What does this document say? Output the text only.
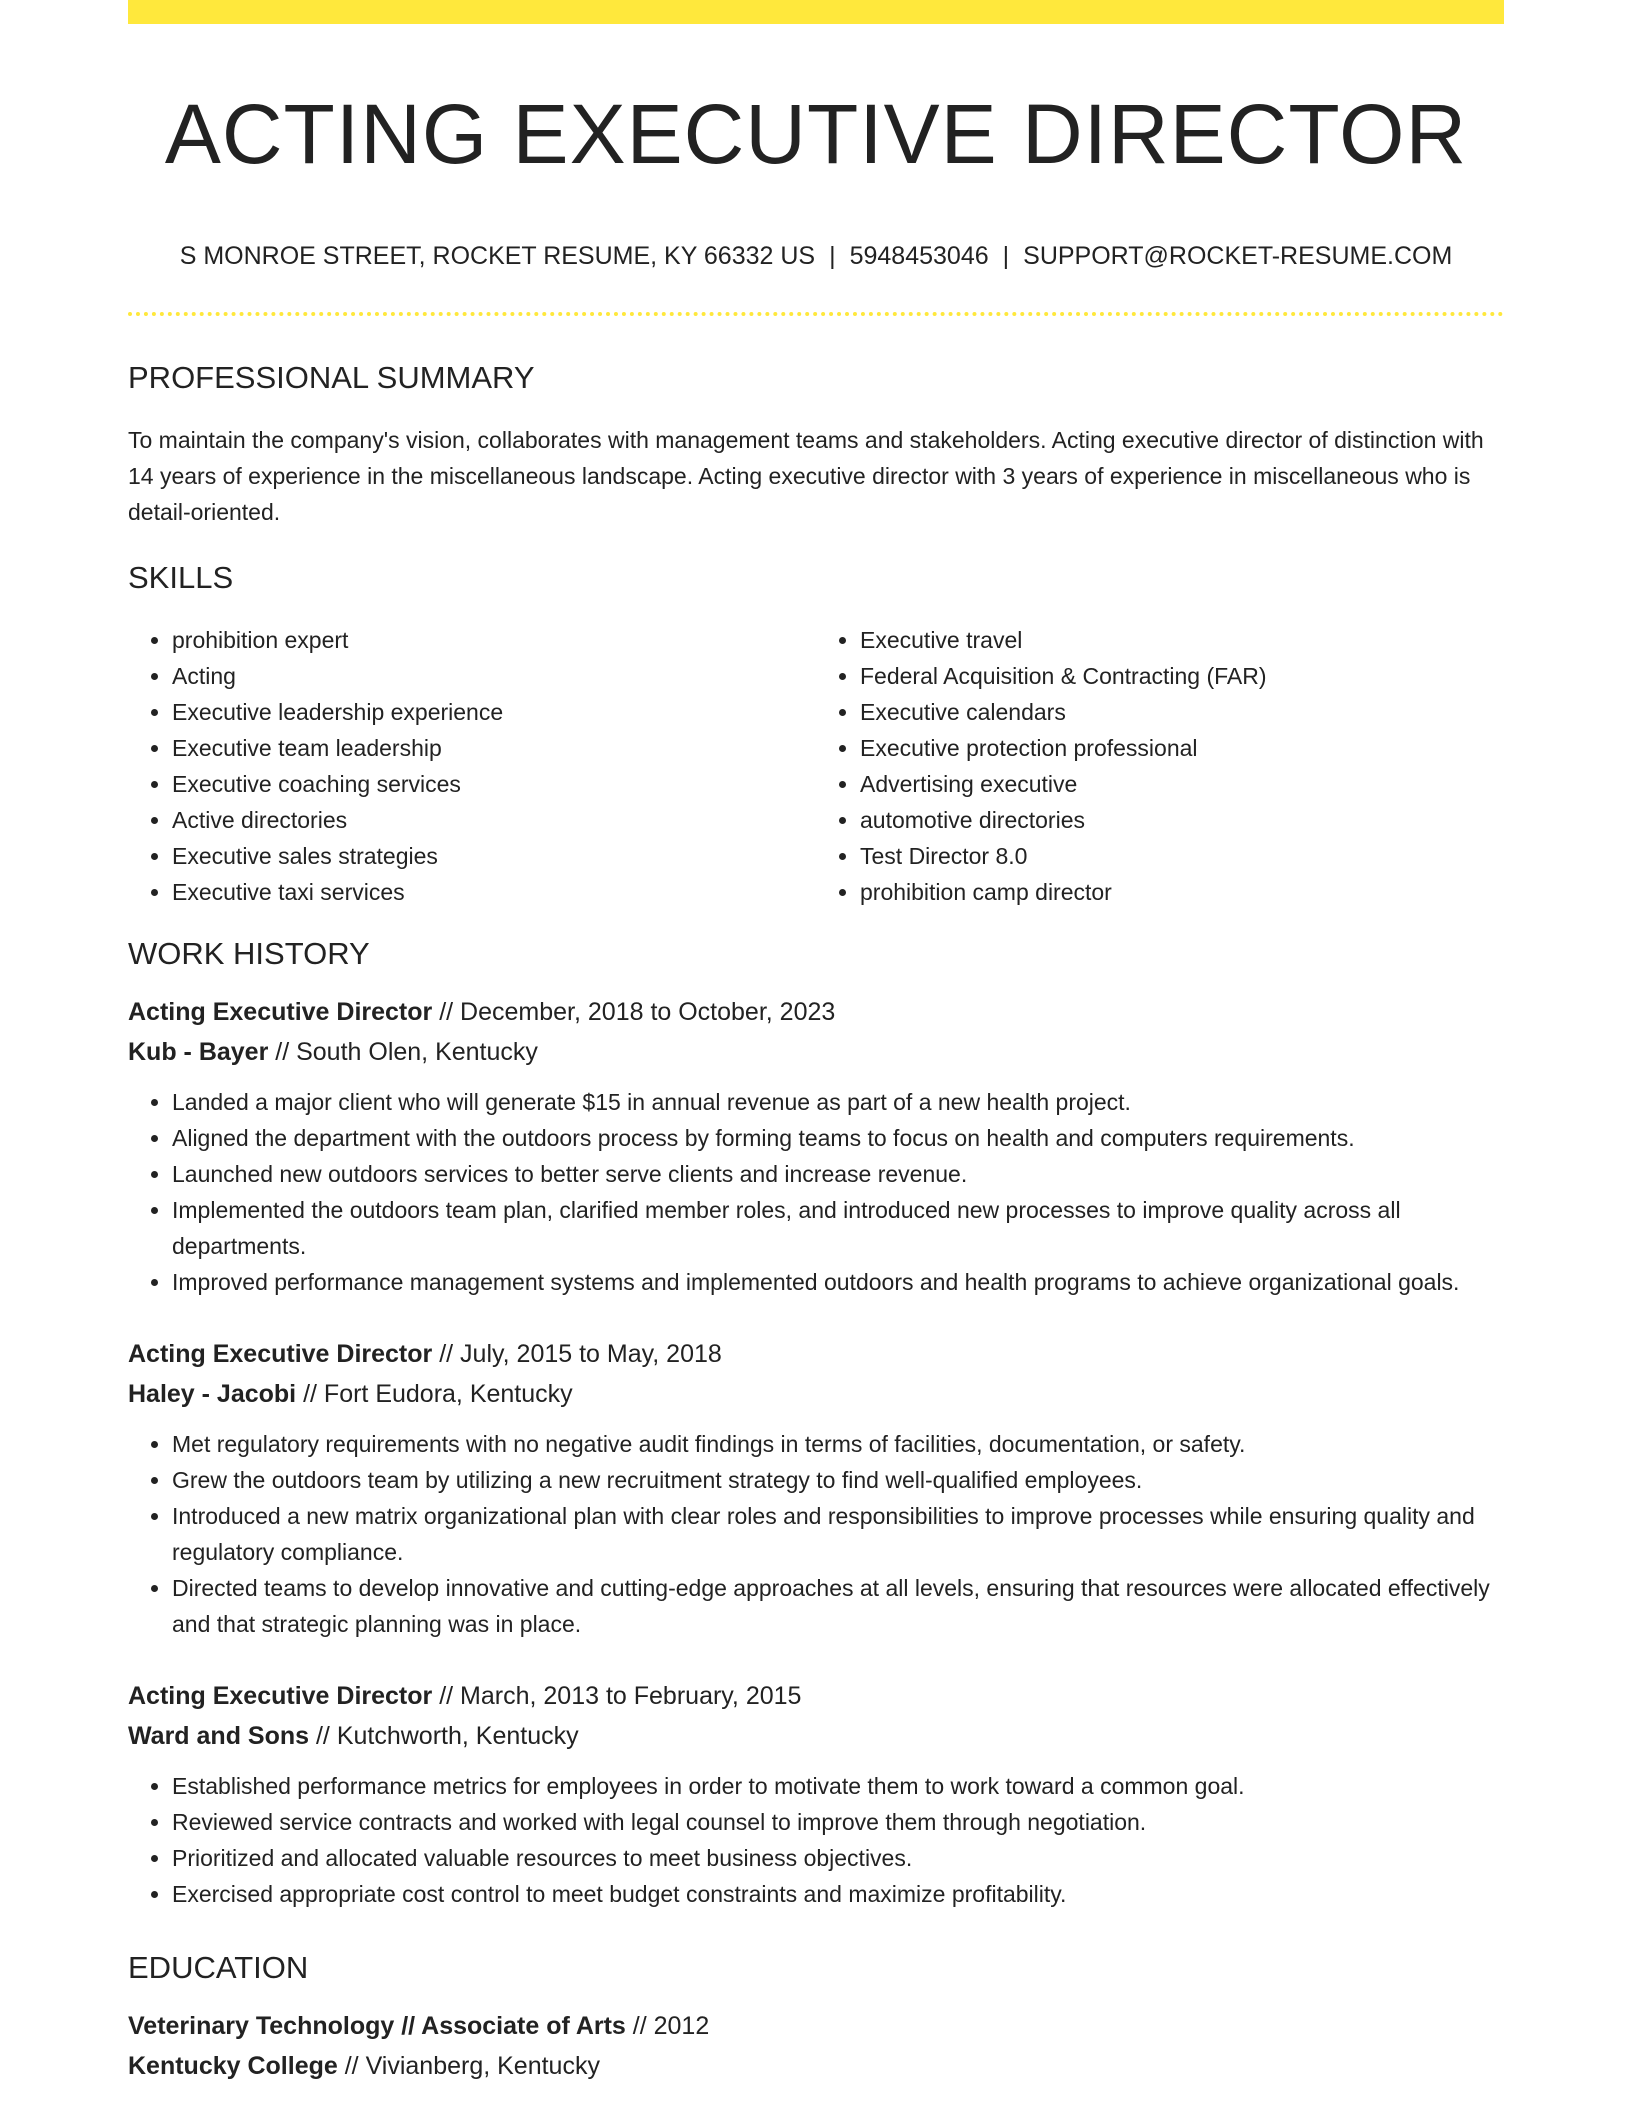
ACTING EXECUTIVE DIRECTOR
S MONROE STREET, ROCKET RESUME, KY 66332 US | 5948453046 | SUPPORT@ROCKET-RESUME.COM
PROFESSIONAL SUMMARY

To maintain the company's vision, collaborates with management teams and stakeholders. Acting executive director of distinction with 14 years of experience in the miscellaneous landscape. Acting executive director with 3 years of experience in miscellaneous who is detail-oriented.

SKILLS
• prohibition expert
• Acting
• Executive leadership experience
• Executive team leadership
• Executive coaching services
• Active directories
• Executive sales strategies
• Executive taxi services
• Executive travel
• Federal Acquisition & Contracting (FAR)
• Executive calendars
• Executive protection professional
• Advertising executive
• automotive directories
• Test Director 8.0
• prohibition camp director
WORK HISTORY
Acting Executive Director // December, 2018 to October, 2023
Kub - Bayer // South Olen, Kentucky
• Landed a major client who will generate $15 in annual revenue as part of a new health project.
• Aligned the department with the outdoors process by forming teams to focus on health and computers requirements.
• Launched new outdoors services to better serve clients and increase revenue.
• Implemented the outdoors team plan, clarified member roles, and introduced new processes to improve quality across all departments.
• Improved performance management systems and implemented outdoors and health programs to achieve organizational goals.
Acting Executive Director // July, 2015 to May, 2018
Haley - Jacobi // Fort Eudora, Kentucky
• Met regulatory requirements with no negative audit findings in terms of facilities, documentation, or safety.
• Grew the outdoors team by utilizing a new recruitment strategy to find well-qualified employees.
• Introduced a new matrix organizational plan with clear roles and responsibilities to improve processes while ensuring quality and regulatory compliance.
• Directed teams to develop innovative and cutting-edge approaches at all levels, ensuring that resources were allocated effectively and that strategic planning was in place.
Acting Executive Director // March, 2013 to February, 2015
Ward and Sons // Kutchworth, Kentucky
• Established performance metrics for employees in order to motivate them to work toward a common goal.
• Reviewed service contracts and worked with legal counsel to improve them through negotiation.
• Prioritized and allocated valuable resources to meet business objectives.
• Exercised appropriate cost control to meet budget constraints and maximize profitability.
EDUCATION
Veterinary Technology // Associate of Arts // 2012
Kentucky College // Vivianberg, Kentucky
